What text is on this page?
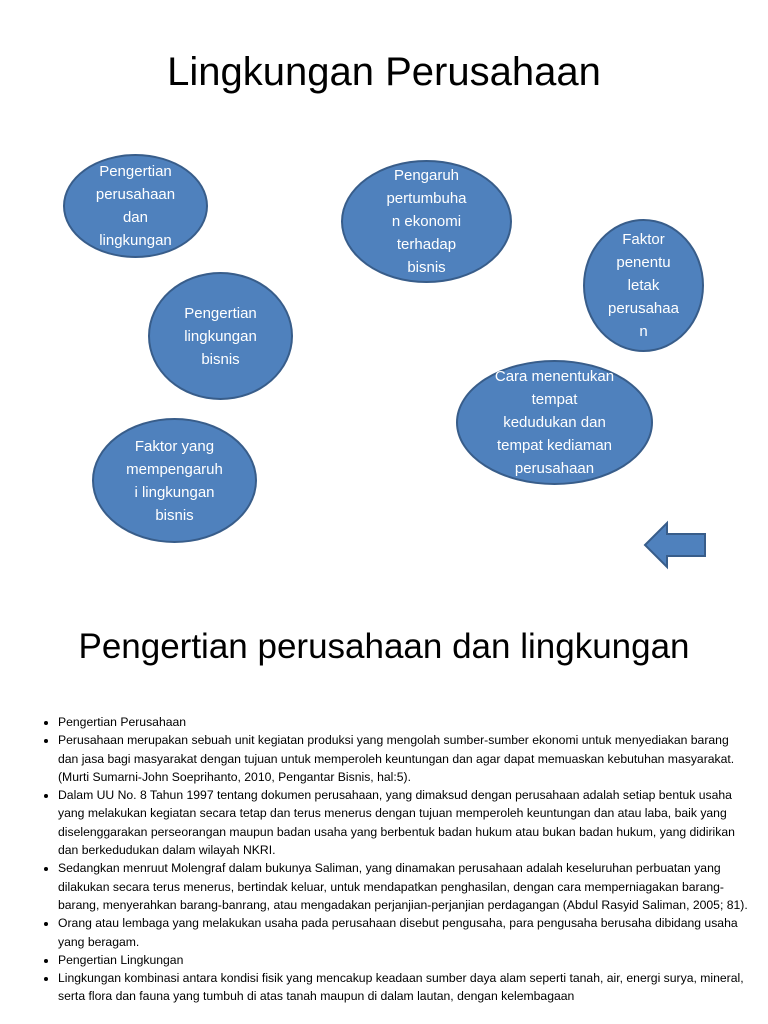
Lingkungan Perusahaan
Pengertian
perusahaan
dan
lingkungan
Pengaruh
pertumbuha
n ekonomi
terhadap
bisnis
Faktor
penentu
letak
perusahaa
n
Pengertian
lingkungan
bisnis
Cara menentukan
tempat
kedudukan dan
tempat kediaman
perusahaan
Faktor yang
mempengaruh
i lingkungan
bisnis
Pengertian perusahaan dan lingkungan
• Pengertian Perusahaan
• Perusahaan merupakan sebuah unit kegiatan produksi yang mengolah sumber-sumber ekonomi untuk menyediakan barang dan jasa bagi masyarakat dengan tujuan untuk memperoleh keuntungan dan agar dapat memuaskan kebutuhan masyarakat. (Murti Sumarni-John Soeprihanto, 2010, Pengantar Bisnis, hal:5).
• Dalam UU No. 8 Tahun 1997 tentang dokumen perusahaan, yang dimaksud dengan perusahaan adalah setiap bentuk usaha yang melakukan kegiatan secara tetap dan terus menerus dengan tujuan memperoleh keuntungan dan atau laba, baik yang diselenggarakan perseorangan maupun badan usaha yang berbentuk badan hukum atau bukan badan hukum, yang didirikan dan berkedudukan dalam wilayah NKRI.
• Sedangkan menruut Molengraf dalam bukunya Saliman, yang dinamakan perusahaan adalah keseluruhan perbuatan yang dilakukan secara terus menerus, bertindak keluar, untuk mendapatkan penghasilan, dengan cara memperniagakan barang-barang, menyerahkan barang-banrang, atau mengadakan perjanjian-perjanjian perdagangan (Abdul Rasyid Saliman, 2005; 81).
• Orang atau lembaga yang melakukan usaha pada perusahaan disebut pengusaha, para pengusaha berusaha dibidang usaha yang beragam.
• Pengertian Lingkungan
• Lingkungan kombinasi antara kondisi fisik yang mencakup keadaan sumber daya alam seperti tanah, air, energi surya, mineral, serta flora dan fauna yang tumbuh di atas tanah maupun di dalam lautan, dengan kelembagaan
